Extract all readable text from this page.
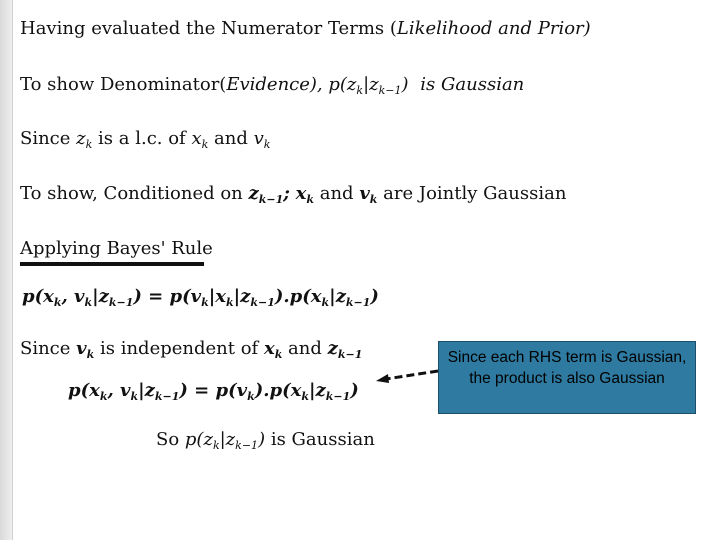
Having evaluated the Numerator Terms (Likelihood and Prior)
To show Denominator(Evidence), $p(z_k|z_{k-1})$ is Gaussian
Since $z_k$ is a l.c. of $x_k$ and $v_k$
To show, Conditioned on $z_{k-1}$; $x_k$ and $v_k$ are Jointly Gaussian
Applying Bayes' Rule
$p(x_k$, $v_k|z_{k-1}) = p(v_k|x_k|z_{k-1}).p(x_k|z_{k-1})$
Since $v_k$ is independent of $x_k$ and $z_{k-1}$
$p(x_k$, $v_k|z_{k-1}) = p(v_k).p(x_k|z_{k-1})$
So $p(z_k|z_{k-1})$ is Gaussian
Since each RHS term is Gaussian, the product is also Gaussian
